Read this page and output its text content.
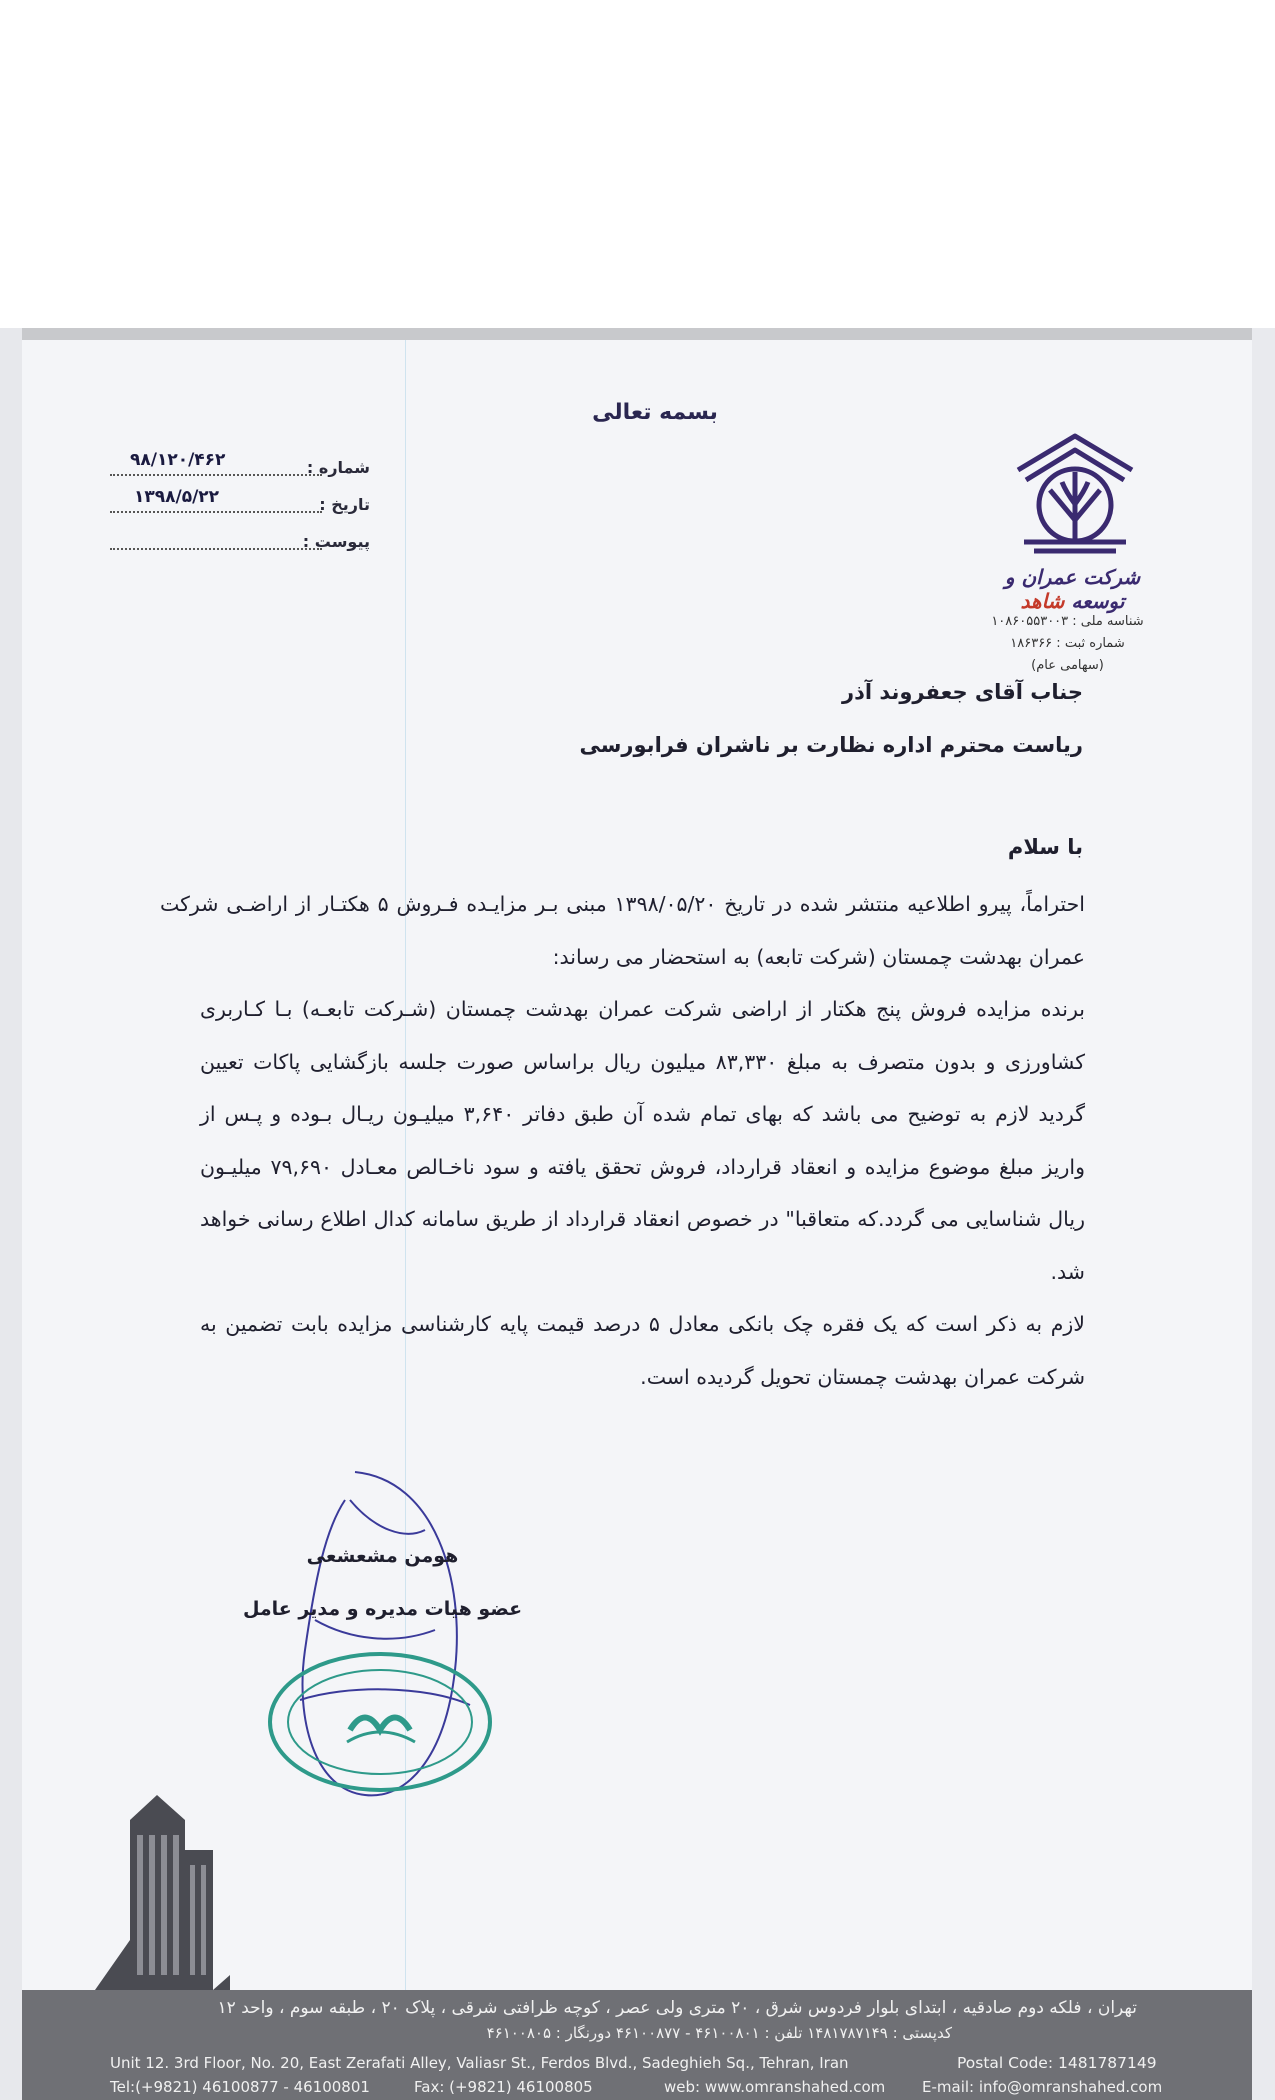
بسمه تعالی
شماره :
۹۸/۱۲۰/۴۶۲
تاریخ :
۱۳۹۸/۵/۲۲
پیوست :
شرکت عمران و توسعه شاهد
شناسه ملی : ۱۰۸۶۰۵۵۳۰۰۳
شماره ثبت : ۱۸۶۳۶۶
(سهامی عام)
جناب آقای جعفروند آذر
ریاست محترم اداره نظارت بر ناشران فرابورسی
با سلام

احتراماً، پیرو اطلاعیه منتشر شده در تاریخ ۱۳۹۸/۰۵/۲۰ مبنی بـر مزایـده فـروش ۵ هکتـار از اراضـی شرکت عمران بهدشت چمستان (شرکت تابعه) به استحضار می رساند:

برنده مزایده فروش پنج هکتار از اراضی شرکت عمران بهدشت چمستان (شـرکت تابعـه) بـا کـاربری کشاورزی و بدون متصرف به مبلغ ۸۳,۳۳۰ میلیون ریال براساس صورت جلسه بازگشایی پاکات تعیین گردید لازم به توضیح می باشد که بهای تمام شده آن طبق دفاتر ۳,۶۴۰ میلیـون ریـال بـوده و پـس از واریز مبلغ موضوع مزایده و انعقاد قرارداد، فروش تحقق یافته و سود ناخـالص معـادل ۷۹,۶۹۰ میلیـون ریال شناسایی می گردد.که متعاقبا" در خصوص انعقاد قرارداد از طریق سامانه کدال اطلاع رسانی خواهد شد.

لازم به ذکر است که یک فقره چک بانکی معادل ۵ درصد قیمت پایه کارشناسی مزایده بابت تضمین به شرکت عمران بهدشت چمستان تحویل گردیده است.

هومن مشعشعی
عضو هیات مدیره و مدیر عامل
تهران ، فلکه دوم صادقیه ، ابتدای بلوار فردوس شرق ، ۲۰ متری ولی عصر ، کوچه ظرافتی شرقی ، پلاک ۲۰ ، طبقه سوم ، واحد ۱۲
کدپستی : ۱۴۸۱۷۸۷۱۴۹ تلفن : ۴۶۱۰۰۸۰۱ - ۴۶۱۰۰۸۷۷ دورنگار : ۴۶۱۰۰۸۰۵
Unit 12. 3rd Floor, No. 20, East Zerafati Alley, Valiasr St., Ferdos Blvd., Sadeghieh Sq., Tehran, Iran	Postal Code: 1481787149
Tel:(+9821) 46100877 - 46100801	Fax: (+9821) 46100805	web: www.omranshahed.com E-mail: info@omranshahed.com
